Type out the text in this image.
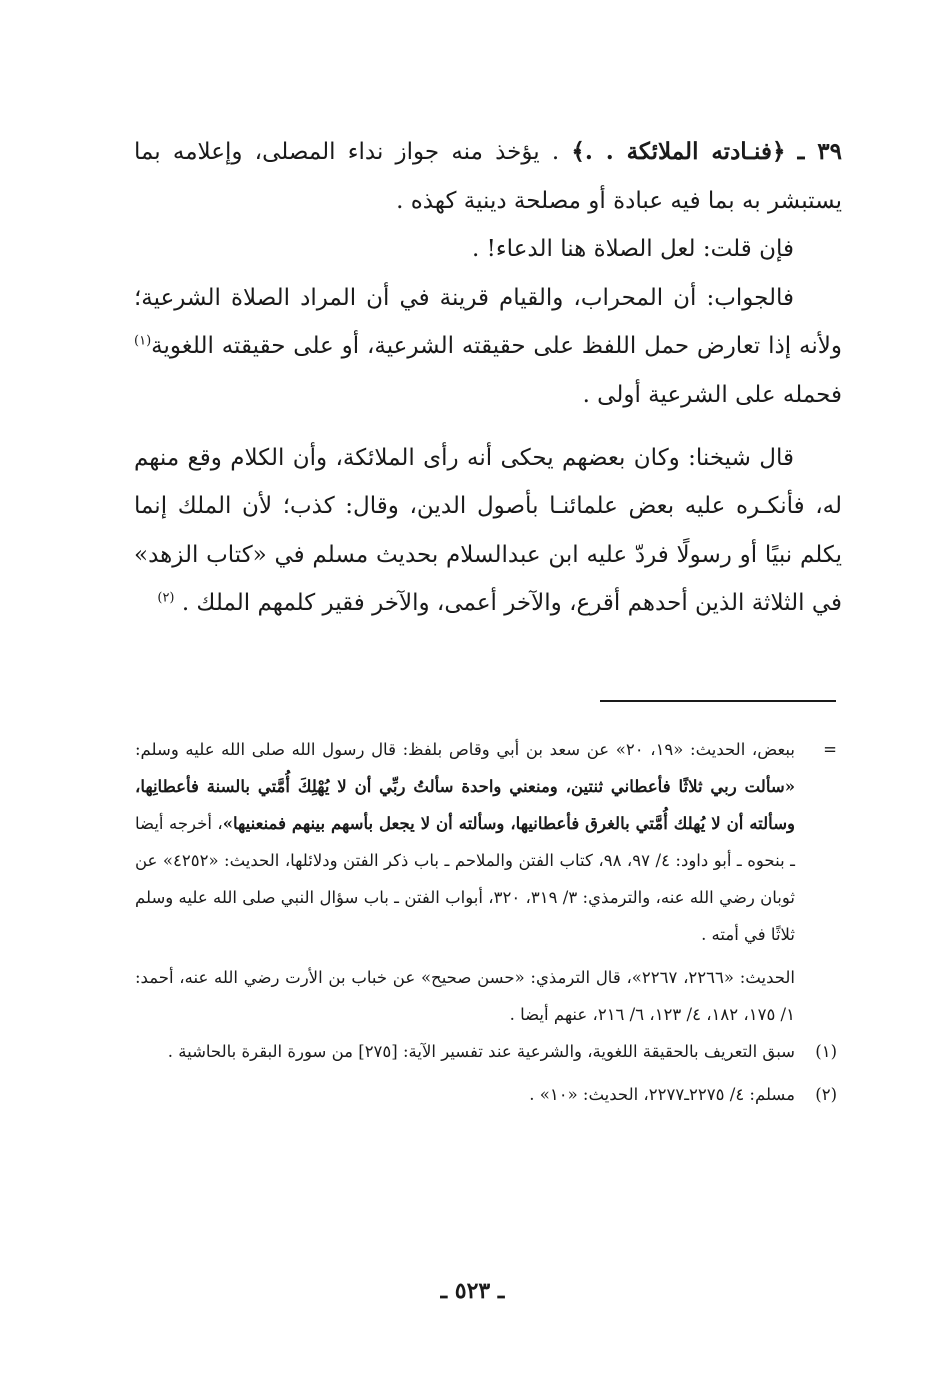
٣٩ ـ ﴿فنـادته الملائكة . .﴾ . يؤخذ منه جواز نداء المصلى، وإعلامه بما يستبشر به بما فيه عبادة أو مصلحة دينية كهذه .

فإن قلت: لعل الصلاة هنا الدعاء! .

فالجواب: أن المحراب، والقيام قرينة في أن المراد الصلاة الشرعية؛ ولأنه إذا تعارض حمل اللفظ على حقيقته الشرعية، أو على حقيقته اللغوية$^{(١)}$ فحمله على الشرعية أولى .

قال شيخنا: وكان بعضهم يحكى أنه رأى الملائكة، وأن الكلام وقع منهم له، فأنكـره عليه بعض علمائنـا بأصول الدين، وقال: كذب؛ لأن الملك إنما يكلم نبيًا أو رسولًا فردّ عليه ابن عبدالسلام بحديث مسلم في «كتاب الزهد» في الثلاثة الذين أحدهم أقرع، والآخر أعمى، والآخر فقير كلمهم الملك . $^{(٢)}$

=

ببعض، الحديث: «١٩، ٢٠» عن سعد بن أبي وقاص بلفظ: قال رسول الله صلى الله عليه وسلم: «سألت ربي ثلاثًا فأعطاني ثنتين، ومنعني واحدة سألتُ ربِّي أن لا يُهْلِكَ أُمَّتي بالسنة فأعطانِها، وسألته أن لا يُهلك أُمَّتي بالغرق فأعطانيها، وسألته أن لا يجعل بأسهم بينهم فمنعنيها»، أخرجه أيضا ـ بنحوه ـ أبو داود: ٤/ ٩٧، ٩٨، كتاب الفتن والملاحم ـ باب ذكر الفتن ودلائلها، الحديث: «٤٢٥٢» عن ثوبان رضي الله عنه، والترمذي: ٣/ ٣١٩، ٣٢٠، أبواب الفتن ـ باب سؤال النبي صلى الله عليه وسلم ثلاثًا في أمته .

الحديث: «٢٢٦٦، ٢٢٦٧»، قال الترمذي: «حسن صحيح» عن خباب بن الأرت رضي الله عنه، أحمد: ١/ ١٧٥، ١٨٢، ٤/ ١٢٣، ٦/ ٢١٦، عنهم أيضا .

(١)

سبق التعريف بالحقيقة اللغوية، والشرعية عند تفسير الآية: [٢٧٥] من سورة البقرة بالحاشية .

(٢)

مسلم: ٤/ ٢٢٧٥ـ٢٢٧٧، الحديث: «١٠» .

ـ ٥٢٣ ـ
